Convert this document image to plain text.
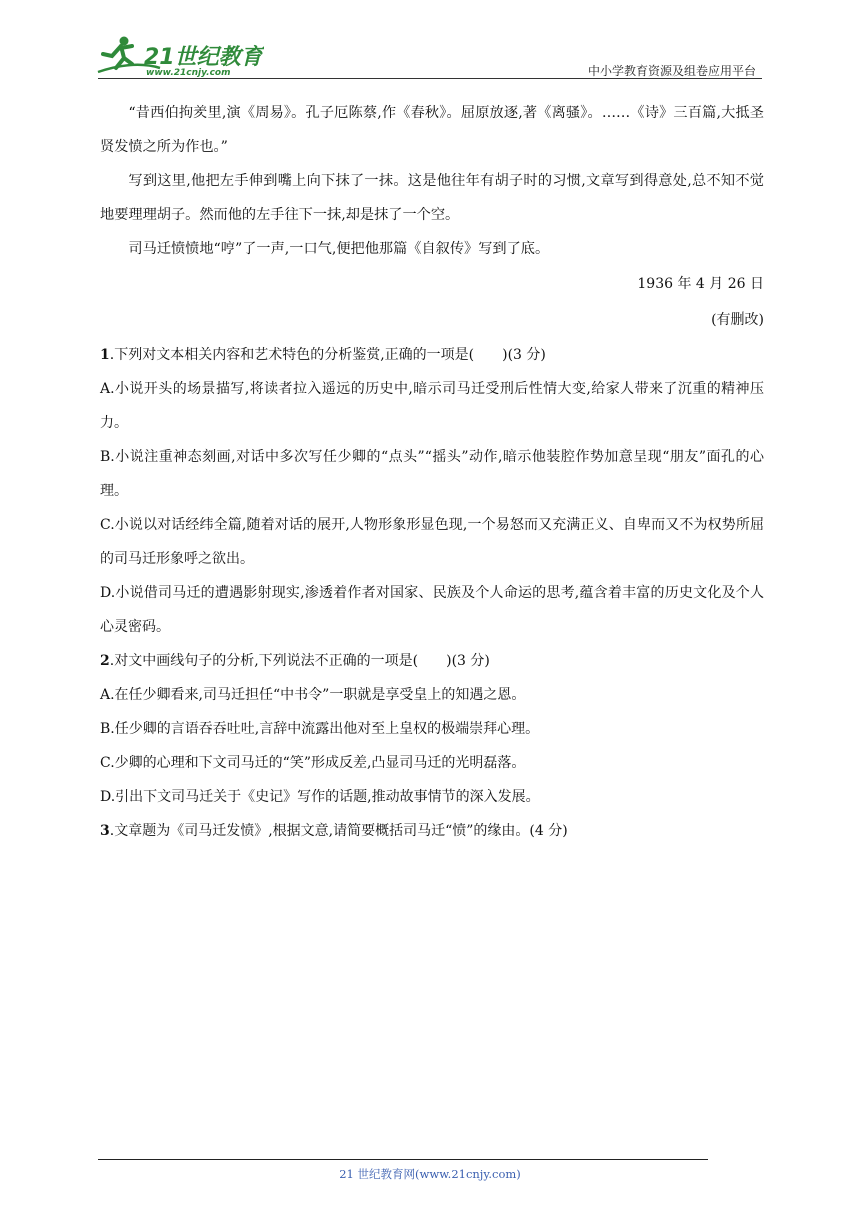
21世纪教育
www.21cnjy.com	中小学教育资源及组卷应用平台

“昔西伯拘羑里,演《周易》。孔子厄陈蔡,作《春秋》。屈原放逐,著《离骚》。……《诗》三百篇,大抵圣贤发愤之所为作也。”

写到这里,他把左手伸到嘴上向下抹了一抹。这是他往年有胡子时的习惯,文章写到得意处,总不知不觉地要理理胡子。然而他的左手往下一抹,却是抹了一个空。

司马迁愤愤地“哼”了一声,一口气,便把他那篇《自叙传》写到了底。

1936 年 4 月 26 日

(有删改)

1.下列对文本相关内容和艺术特色的分析鉴赏,正确的一项是( )(3 分)

A.小说开头的场景描写,将读者拉入遥远的历史中,暗示司马迁受刑后性情大变,给家人带来了沉重的精神压力。

B.小说注重神态刻画,对话中多次写任少卿的“点头”“摇头”动作,暗示他装腔作势加意呈现“朋友”面孔的心理。

C.小说以对话经纬全篇,随着对话的展开,人物形象形显色现,一个易怒而又充满正义、自卑而又不为权势所屈的司马迁形象呼之欲出。

D.小说借司马迁的遭遇影射现实,渗透着作者对国家、民族及个人命运的思考,蕴含着丰富的历史文化及个人心灵密码。

2.对文中画线句子的分析,下列说法不正确的一项是( )(3 分)

A.在任少卿看来,司马迁担任“中书令”一职就是享受皇上的知遇之恩。

B.任少卿的言语吞吞吐吐,言辞中流露出他对至上皇权的极端崇拜心理。

C.少卿的心理和下文司马迁的“笑”形成反差,凸显司马迁的光明磊落。

D.引出下文司马迁关于《史记》写作的话题,推动故事情节的深入发展。

3.文章题为《司马迁发愤》,根据文意,请简要概括司马迁“愤”的缘由。(4 分)

21 世纪教育网(www.21cnjy.com)
